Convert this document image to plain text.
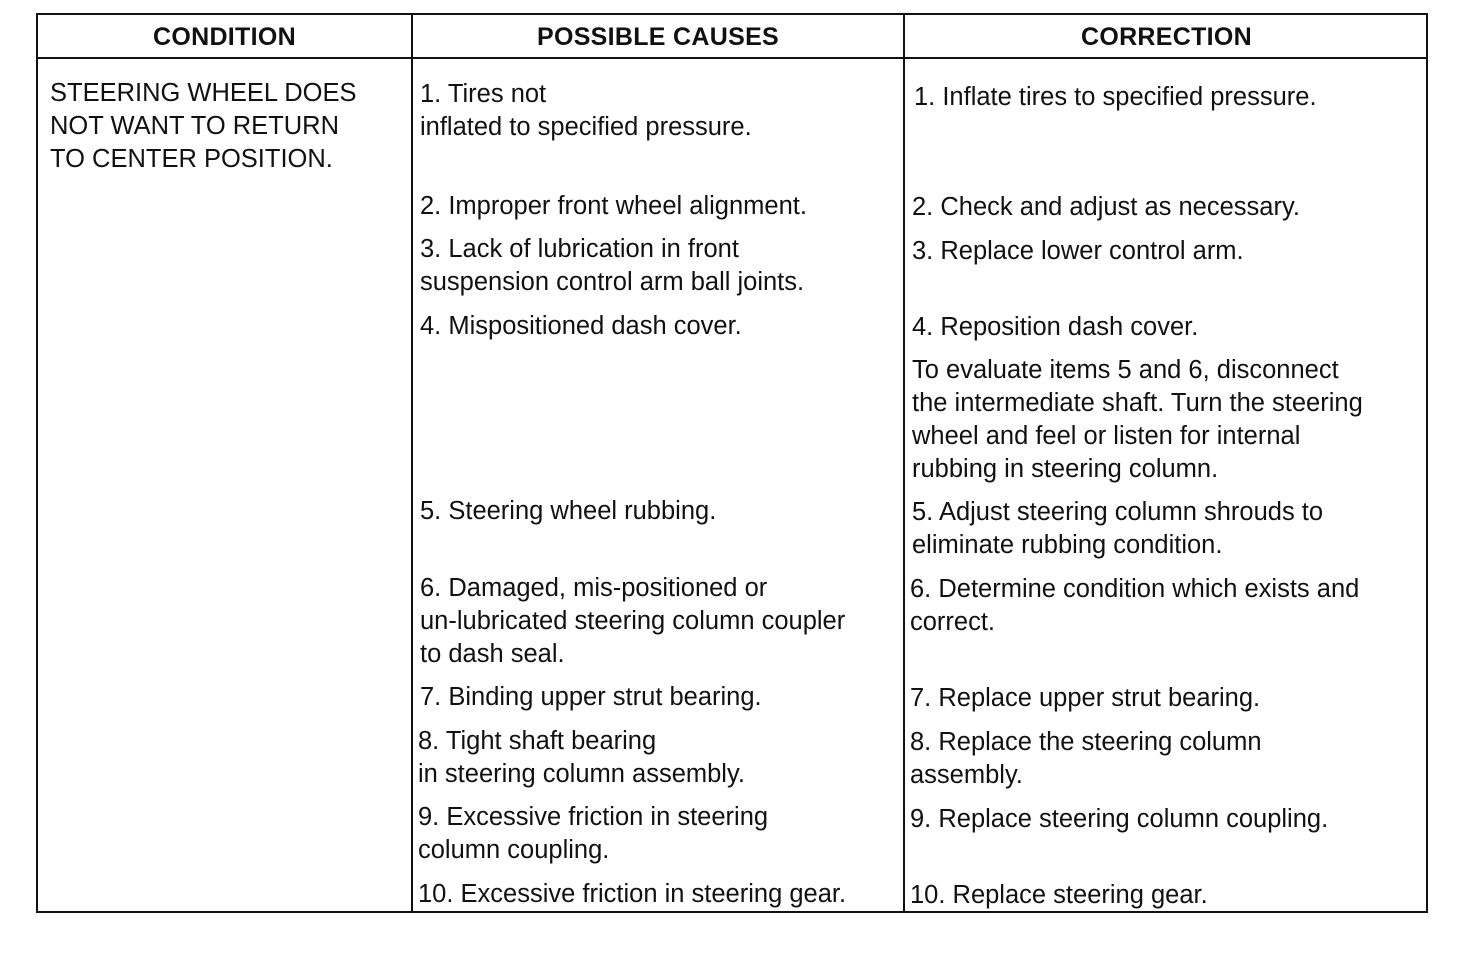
CONDITION	POSSIBLE CAUSES	CORRECTION
STEERING WHEEL DOES
NOT WANT TO RETURN
TO CENTER POSITION.
1. Tires not
inflated to specified pressure.
2. Improper front wheel alignment.
3. Lack of lubrication in front
suspension control arm ball joints.
4. Mispositioned dash cover.
5. Steering wheel rubbing.
6. Damaged, mis-positioned or
un-lubricated steering column coupler
to dash seal.
7. Binding upper strut bearing.
8. Tight shaft bearing
in steering column assembly.
9. Excessive friction in steering
column coupling.
10. Excessive friction in steering gear.
1. Inflate tires to specified pressure.
2. Check and adjust as necessary.
3. Replace lower control arm.
4. Reposition dash cover.
To evaluate items 5 and 6, disconnect
the intermediate shaft. Turn the steering
wheel and feel or listen for internal
rubbing in steering column.
5. Adjust steering column shrouds to
eliminate rubbing condition.
6. Determine condition which exists and
correct.
7. Replace upper strut bearing.
8. Replace the steering column
assembly.
9. Replace steering column coupling.
10. Replace steering gear.
